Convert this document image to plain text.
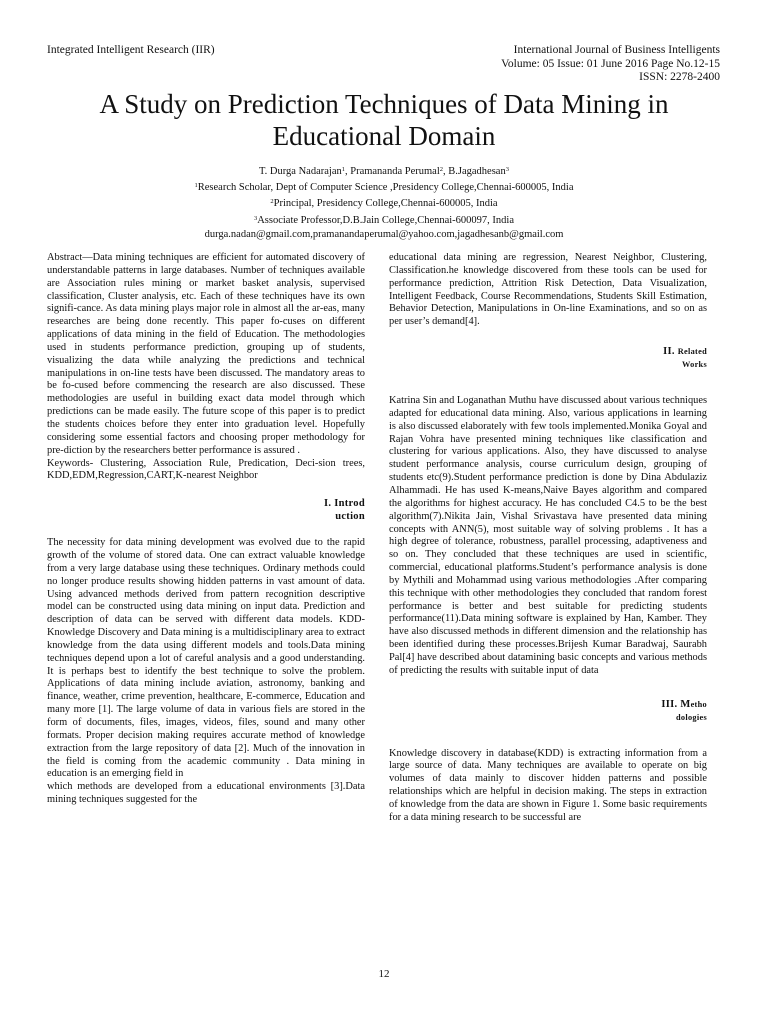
Integrated Intelligent Research (IIR)	International Journal of Business Intelligents
Volume: 05 Issue: 01 June 2016 Page No.12-15
ISSN: 2278-2400
A Study on Prediction Techniques of Data Mining in
Educational Domain
T. Durga Nadarajan$^1$, Pramananda Perumal$^2$, B.Jagadhesan$^3$
$^1$Research Scholar, Dept of Computer Science ,Presidency College,Chennai-600005, India
$^2$Principal, Presidency College,Chennai-600005, India
$^3$Associate Professor,D.B.Jain College,Chennai-600097, India
durga.nadan@gmail.com,pramanandaperumal@yahoo.com,jagadhesanb@gmail.com

Abstract—Data mining techniques are efficient for automated discovery of understandable patterns in large databases. Number of techniques available are Association rules mining or market basket analysis, supervised classification, Cluster analysis, etc. Each of these techniques have its own signifi-cance. As data mining plays major role in almost all the ar-eas, many researches are being done recently. This paper fo-cuses on different applications of data mining in the field of Education. The methodologies used in students performance prediction, grouping up of students, visualizing the data while analyzing the predictions and technical manipulations in on-line tests have been discussed. The mandatory areas to be fo-cused before commencing the research are also discussed. These methodologies are useful in building exact data model through which predictions can be made easily. The future scope of this paper is to predict the students choices before they enter into graduation level. Hopefully considering some essential factors and choosing proper methodology for pre-diction by the researchers better performance is assured .

Keywords- Clustering, Association Rule, Predication, Deci-sion trees, KDD,EDM,Regression,CART,K-nearest Neighbor

I. Introd
uction

The necessity for data mining development was evolved due to the rapid growth of the volume of stored data. One can extract valuable knowledge from a very large database using these techniques. Ordinary methods could no longer produce results showing hidden patterns in vast amount of data. Using advanced methods derived from pattern recognition descriptive model can be constructed using data mining on input data. Prediction and description of data can be served with different data models. KDD-Knowledge Discovery and Data mining is a multidisciplinary area to extract knowledge from the data using different models and tools.Data mining techniques depend upon a lot of careful analysis and a good understanding. It is perhaps best to identify the best technique to solve the problem. Applications of data mining include aviation, astronomy, banking and finance, weather, crime prevention, healthcare, E-commerce, Education and many more [1]. The large volume of data in various fiels are stored in the form of documents, files, images, videos, files, sound and many other formats. Proper decision making requires accurate method of knowledge extraction from the large repository of data [2]. Much of the innovation in the field is coming from the academic community . Data mining in education is an emerging field in

which methods are developed from a educational environments [3].Data mining techniques suggested for the

educational data mining are regression, Nearest Neighbor, Clustering, Classification.he knowledge discovered from these tools can be used for performance prediction, Attrition Risk Detection, Data Visualization, Intelligent Feedback, Course Recommendations, Students Skill Estimation, Behavior Detection, Manipulations in On-line Examinations, and so on as per user’s demand[4].

II. Related
Works

Katrina Sin and Loganathan Muthu have discussed about various techniques adapted for educational data mining. Also, various applications in learning is also discussed elaborately with few tools implemented.Monika Goyal and Rajan Vohra have presented mining techniques like classification and clustering for various applications. Also, they have discussed to analyse student performance analysis, course curriculum design, grouping of students etc(9).Student performance prediction is done by Dina Abdulaziz Alhammadi. He has used K-means,Naive Bayes algorithm and compared the algorithms for highest accuracy. He has concluded C4.5 to be the best algorithm(7).Nikita Jain, Vishal Srivastava have presented data mining concepts with ANN(5), most suitable way of solving problems . It has a high degree of tolerance, robustness, parallel processing, adaptiveness and so on. They concluded that these techniques are used in scientific, commercial, educational platforms.Student’s performance analysis is done by Mythili and Mohammad using various methodologies .After comparing this technique with other methodologies they concluded that random forest performance is better and best suitable for predicting students performance(11).Data mining software is explained by Han, Kamber. They have also discussed methods in different dimension and the relationship has been identified during these processes.Brijesh Kumar Baradwaj, Saurabh Pal[4] have described about datamining basic concepts and various methods of predicting the results with suitable input of data

III. Metho
dologies

Knowledge discovery in database(KDD) is extracting information from a large source of data. Many techniques are available to operate on big volumes of data mainly to discover hidden patterns and possible relationships which are helpful in decision making. The steps in extraction of knowledge from the data are shown in Figure 1. Some basic requirements for a data mining research to be successful are

12
